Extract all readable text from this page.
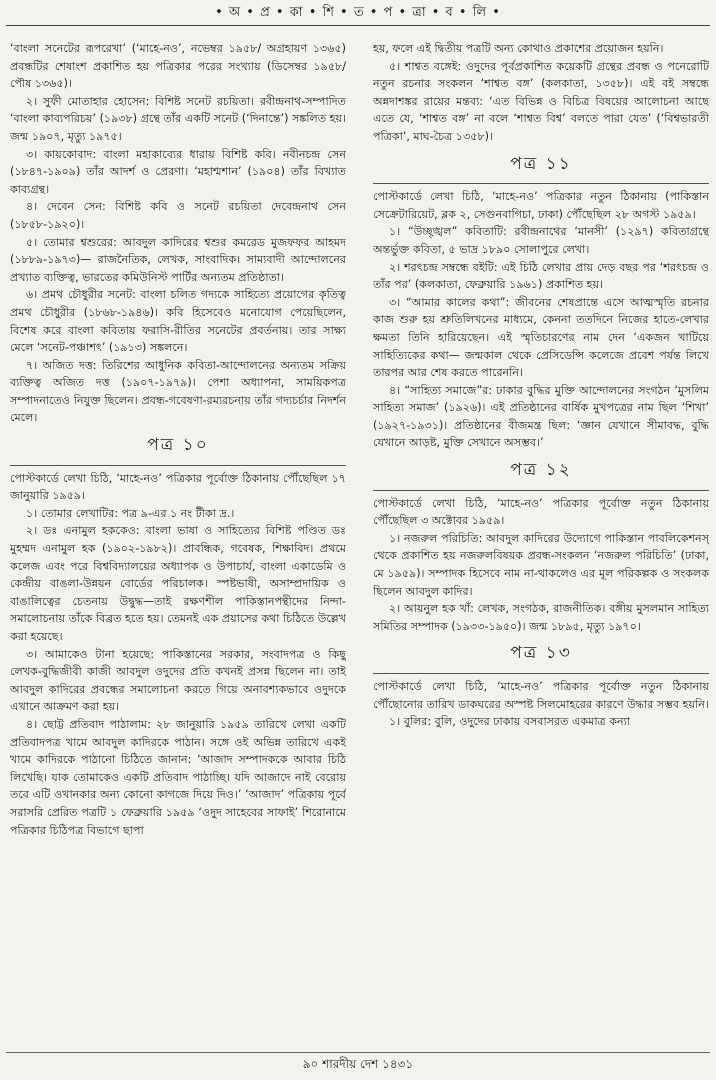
• অ • প্র • কা • শি • ত • প • ত্রা • ব • লি •

‘বাংলা সনেটের রূপরেখা’ (‘মাহে-নও’, নভেম্বর ১৯৫৮/ অগ্রহায়ণ ১৩৬৫) প্রবন্ধটির শেষাংশ প্রকাশিত হয় পত্রিকার পরের সংখ্যায় (ডিসেম্বর ১৯৫৮/ পৌষ ১৩৬৫)।

২। সুফী মোতাহার হোসেন: বিশিষ্ট সনেট রচয়িতা। রবীন্দ্রনাথ-সম্পাদিত ‘বাংলা কাব্যপরিচয়’ (১৯৩৮) গ্রন্থে তাঁর একটি সনেট (‘দিনান্তে’) সঙ্কলিত হয়। জন্ম ১৯০৭, মৃত্যু ১৯৭৫।

৩। কায়কোবাদ: বাংলা মহাকাব্যের ধারায় বিশিষ্ট কবি। নবীনচন্দ্র সেন (১৮৪৭-১৯০৯) তাঁর আদর্শ ও প্রেরণা। ‘মহাশ্মশান’ (১৯০৪) তাঁর বিখ্যাত কাব্যগ্রন্থ।

৪। দেবেন সেন: বিশিষ্ট কবি ও সনেট রচয়িতা দেবেন্দ্রনাথ সেন (১৮৫৮-১৯২০)।

৫। তোমার শ্বশুরের: আবদুল কাদিরের শ্বশুর কমরেড মুজফফর আহমদ (১৮৮৯-১৯৭৩)— রাজনৈতিক, লেখক, সাংবাদিক। সাম্যবাদী আন্দোলনের প্রখ্যাত ব্যক্তিত্ব, ভারতের কমিউনিস্ট পার্টির অন্যতম প্রতিষ্ঠাতা।

৬। প্রমথ চৌধুরীর সনেট: বাংলা চলিত গদ্যকে সাহিত্যে প্রয়োগের কৃতিত্ব প্রমথ চৌধুরীর (১৮৬৮-১৯৪৬)। কবি হিসেবেও মনোযোগ পেয়েছিলেন, বিশেষ করে বাংলা কবিতায় ফরাসি-রীতির সনেটের প্রবর্তনায়। তার সাক্ষ্য মেলে ‘সনেট-পঞ্চাশৎ’ (১৯১৩) সঙ্কলনে।

৭। অজিত দত্ত: তিরিশের আধুনিক কবিতা-আন্দোলনের অন্যতম সক্রিয় ব্যক্তিত্ব অজিত দত্ত (১৯০৭-১৯৭৯)। পেশা অধ্যাপনা, সাময়িকপত্র সম্পাদনাতেও নিযুক্ত ছিলেন। প্রবন্ধ-গবেষণা-রম্যরচনায় তাঁর গদ্যচর্চার নিদর্শন মেলে।

পত্র ১০

পোস্টকার্ডে লেখা চিঠি, ‘মাহে-নও’ পত্রিকার পূর্বোক্ত ঠিকানায় পৌঁছেছিল ১৭ জানুয়ারি ১৯৫৯।

১। তোমার লেখাটির: পত্র ৯-এর ১ নং টীকা দ্র.।

২। ডঃ এনামুল হককেও: বাংলা ভাষা ও সাহিত্যের বিশিষ্ট পণ্ডিত ডঃ মুহম্মদ এনামুল হক (১৯০২-১৯৮২)। প্রাবন্ধিক, গবেষক, শিক্ষাবিদ। প্রথমে কলেজ এবং পরে বিশ্ববিদ্যালয়ের অধ্যাপক ও উপাচার্য, বাংলা একাডেমি ও কেন্দ্রীয় বাঙলা-উন্নয়ন বোর্ডের পরিচালক। স্পষ্টভাষী, অসাম্প্রদায়িক ও বাঙালিত্বের চেতনায় উদ্বুদ্ধ—তাই রক্ষণশীল পাকিস্তানপন্থীদের নিন্দা-সমালোচনায় তাঁকে বিব্রত হতে হয়। তেমনই এক প্রয়াসের কথা চিঠিতে উল্লেখ করা হয়েছে।

৩। আমাকেও টানা হয়েছে: পাকিস্তানের সরকার, সংবাদপত্র ও কিছু লেখক-বুদ্ধিজীবী কাজী আবদুল ওদুদের প্রতি কখনই প্রসন্ন ছিলেন না। তাই আবদুল কাদিরের প্রবন্ধের সমালোচনা করতে গিয়ে অনাবশ্যকভাবে ওদুদকে এখানে আক্রমণ করা হয়।

৪। ছোট্ট প্রতিবাদ পাঠালাম: ২৮ জানুয়ারি ১৯৫৯ তারিখে লেখা একটি প্রতিবাদপত্র খামে আবদুল কাদিরকে পাঠান। সঙ্গে ওই অভিন্ন তারিখে একই খামে কাদিরকে পাঠানো চিঠিতে জানান: ‘আজাদ সম্পাদককে আবার চিঠি লিখেছি। যাক তোমাকেও একটি প্রতিবাদ পাঠাচ্ছি। যদি আজাদে নাই বেরোয় তবে এটি ওখানকার অন্য কোনো কাগজে দিয়ে দিও।’ ‘আজাদ’ পত্রিকায় পূর্বে সরাসরি প্রেরিত পত্রটি ১ ফেব্রুয়ারি ১৯৫৯ ‘ওদুদ সাহেবের সাফাই’ শিরোনামে পত্রিকার চিঠিপত্র বিভাগে ছাপা

হয়, ফলে এই দ্বিতীয় পত্রটি অন্য কোথাও প্রকাশের প্রয়োজন হয়নি।

৫। শাশ্বত বঙ্গেই: ওদুদের পূর্বপ্রকাশিত কয়েকটি গ্রন্থের প্রবন্ধ ও পনেরোটি নতুন রচনার সংকলন ‘শাশ্বত বঙ্গ’ (কলকাতা, ১৩৫৮)। এই বই সম্বন্ধে অন্নদাশঙ্কর রায়ের মন্তব্য: ‘এত বিভিন্ন ও বিচিত্র বিষয়ের আলোচনা আছে এতে যে, ‘শাশ্বত বঙ্গ’ না বলে ‘শাশ্বত বিশ্ব’ বলতে পারা যেত’ (‘বিশ্বভারতী পত্রিকা’, মাঘ-চৈত্র ১৩৫৮)।

পত্র ১১

পোস্টকার্ডে লেখা চিঠি, ‘মাহে-নও’ পত্রিকার নতুন ঠিকানায় (পাকিস্তান সেক্রেটারিয়েট, ব্লক ২, সেগুনবাগিচা, ঢাকা) পৌঁছেছিল ২৮ অগস্ট ১৯৫৯।

১। “উচ্ছৃঙ্খল” কবিতাটি: রবীন্দ্রনাথের ‘মানসী’ (১২৯৭) কবিতাগ্রন্থে অন্তর্ভুক্ত কবিতা, ৫ ভাদ্র ১৮৯০ সোলাপুরে লেখা।

২। শরৎচন্দ্র সম্বন্ধে বইটি: এই চিঠি লেখার প্রায় দেড় বছর পর ‘শরৎচন্দ্র ও তাঁর পর’ (কলকাতা, ফেব্রুয়ারি ১৯৬১) প্রকাশিত হয়।

৩। “আমার কালের কথা”: জীবনের শেষপ্রান্তে এসে আত্মস্মৃতি রচনার কাজ শুরু হয় শ্রুতিলিখনের মাধ্যমে, কেননা ততদিনে নিজের হাতে-লেখার ক্ষমতা তিনি হারিয়েছেন। এই স্মৃতিচারণের নাম দেন ‘একজন খাটিয়ে সাহিত্যিকের কথা— জন্মকাল থেকে প্রেসিডেন্সি কলেজে প্রবেশ পর্যন্ত লিখে তারপর আর শেষ করতে পারেননি।

৪। “সাহিত্য সমাজে”র: ঢাকার বুদ্ধির মুক্তি আন্দোলনের সংগঠন ‘মুসলিম সাহিত্য সমাজ’ (১৯২৬)। এই প্রতিষ্ঠানের বার্ষিক মুখপত্রের নাম ছিল ‘শিখা’ (১৯২৭-১৯৩১)। প্রতিষ্ঠানের বীজমন্ত্র ছিল: ‘জ্ঞান যেখানে সীমাবদ্ধ, বুদ্ধি যেখানে আড়ষ্ট, মুক্তি সেখানে অসম্ভব।’

পত্র ১২

পোস্টকার্ডে লেখা চিঠি, ‘মাহে-নও’ পত্রিকার পূর্বোক্ত নতুন ঠিকানায় পৌঁছেছিল ৩ অক্টোবর ১৯৫৯।

১। নজরুল পরিচিতি: আবদুল কাদিরের উদ্যোগে পাকিস্তান পাবলিকেশনস্ থেকে প্রকাশিত হয় নজরুলবিষয়ক প্রবন্ধ-সংকলন ‘নজরুল পরিচিতি’ (ঢাকা, মে ১৯৫৯)। সম্পাদক হিসেবে নাম না-থাকলেও এর মূল পরিকল্পক ও সংকলক ছিলেন আবদুল কাদির।

২। আয়নুল হক খাঁ: লেখক, সংগঠক, রাজনীতিক। বঙ্গীয় মুসলমান সাহিত্য সমিতির সম্পাদক (১৯৩৩-১৯৫০)। জন্ম ১৮৯৫, মৃত্যু ১৯৭০।

পত্র ১৩

পোস্টকার্ডে লেখা চিঠি, ‘মাহে-নও’ পত্রিকার পূর্বোক্ত নতুন ঠিকানায় পৌঁছোনোর তারিখ ডাকঘরের অস্পষ্ট সিলমোহরের কারণে উদ্ধার সম্ভব হয়নি।

১। বুলির: বুলি, ওদুদের ঢাকায় বসবাসরত একমাত্র কন্যা

৯০ শারদীয় দেশ ১৪৩১
